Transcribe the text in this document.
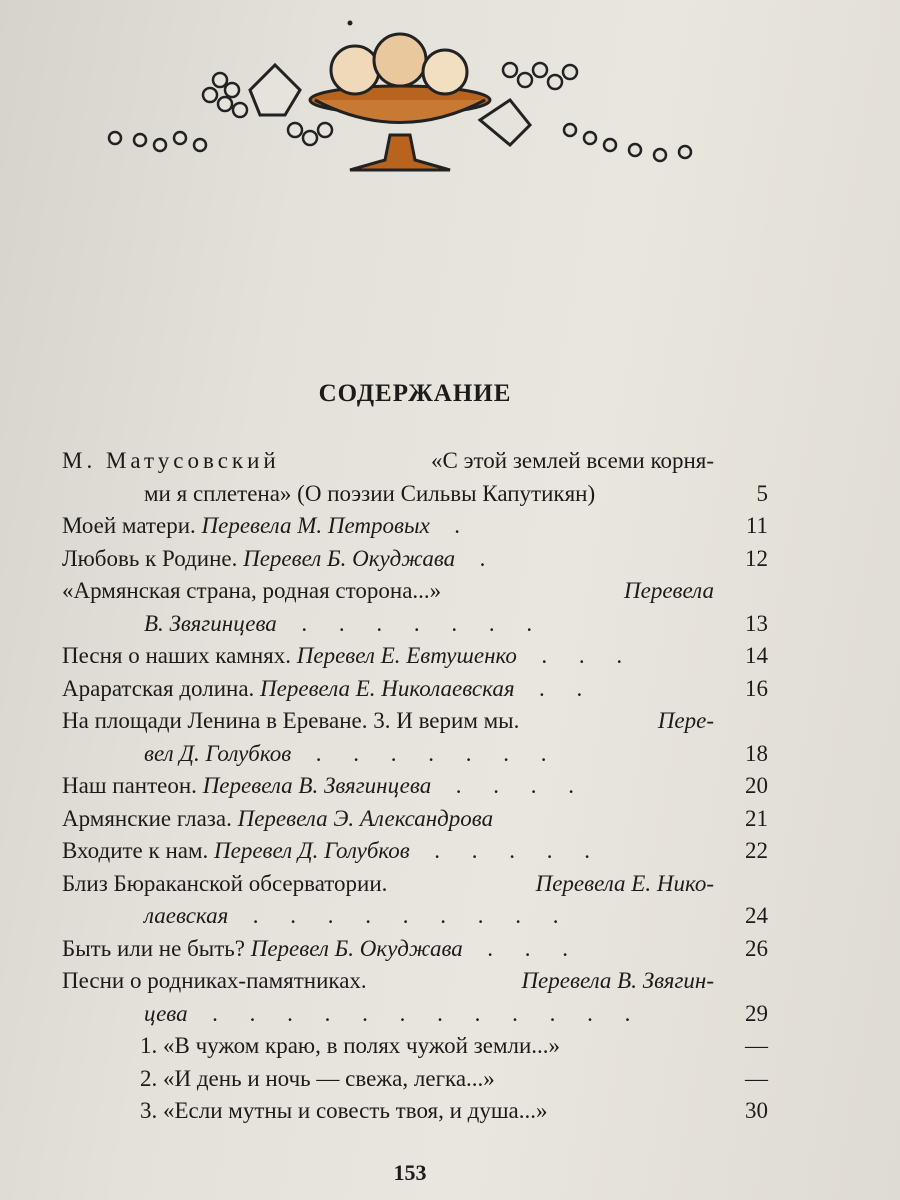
СОДЕРЖАНИЕ
М. Матусовский	«С этой землей всеми корня-
ми я сплетена» (О поэзии Сильвы Капутикян)	5
Моей матери. Перевела М. Петровых  .	11
Любовь к Родине. Перевел Б. Окуджава  .	12
«Армянская страна, родная сторона...»	Перевела
В. Звягинцева  . . . . . . .	13
Песня о наших камнях. Перевел Е. Евтушенко  . . .	14
Араратская долина. Перевела Е. Николаевская  . .	16
На площади Ленина в Ереване. 3. И верим мы.	Пере-
вел Д. Голубков  . . . . . . .	18
Наш пантеон. Перевела В. Звягинцева  . . . .	20
Армянские глаза. Перевела Э. Александрова	21
Входите к нам. Перевел Д. Голубков  . . . . .	22
Близ Бюраканской обсерватории.	Перевела Е. Нико-
лаевская  . . . . . . . . .	24
Быть или не быть? Перевел Б. Окуджава  . . .	26
Песни о родниках-памятниках.	Перевела В. Звягин-
цева  . . . . . . . . . . . .	29
1. «В чужом краю, в полях чужой земли...»	—
2. «И день и ночь — свежа, легка...»	—
3. «Если мутны и совесть твоя, и душа...»	30
153
